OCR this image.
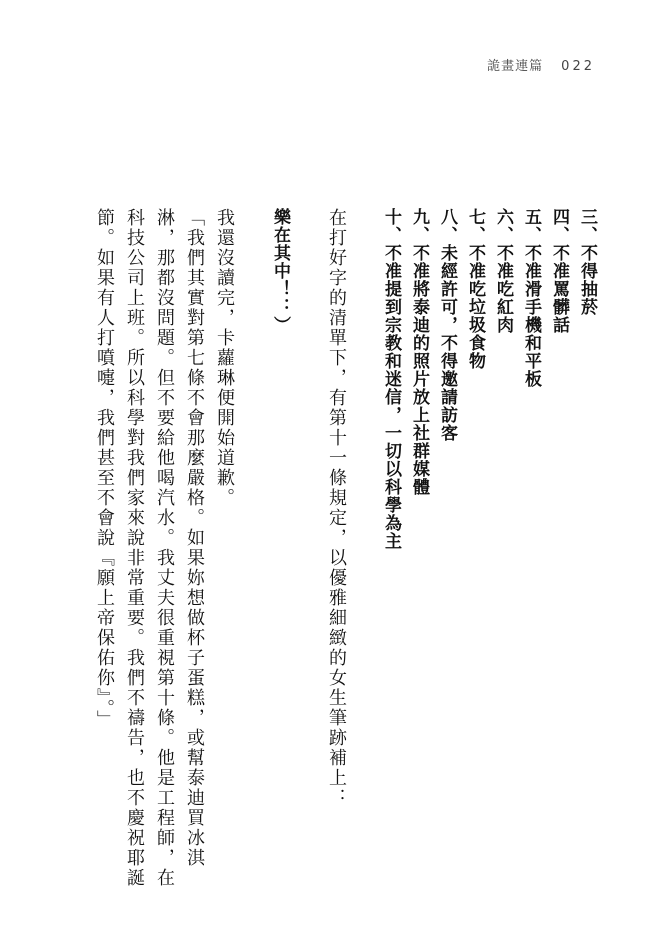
詭畫連篇 022

三、不得抽菸

四、不准罵髒話

五、不准滑手機和平板

六、不准吃紅肉

七、不准吃垃圾食物

八、未經許可，不得邀請訪客

九、不准將泰迪的照片放上社群媒體

十、不准提到宗教和迷信，一切以科學為主

在打好字的清單下，有第十一條規定，以優雅細緻的女生筆跡補上：

樂在其中！：）

我還沒讀完，卡蘿琳便開始道歉。

「我們其實對第七條不會那麼嚴格。如果妳想做杯子蛋糕，或幫泰迪買冰淇淋，那都沒問題。但不要給他喝汽水。我丈夫很重視第十條。他是工程師，在科技公司上班。所以科學對我們家來說非常重要。我們不禱告，也不慶祝耶誕節。如果有人打噴嚏，我們甚至不會說『願上帝保佑你』。」
